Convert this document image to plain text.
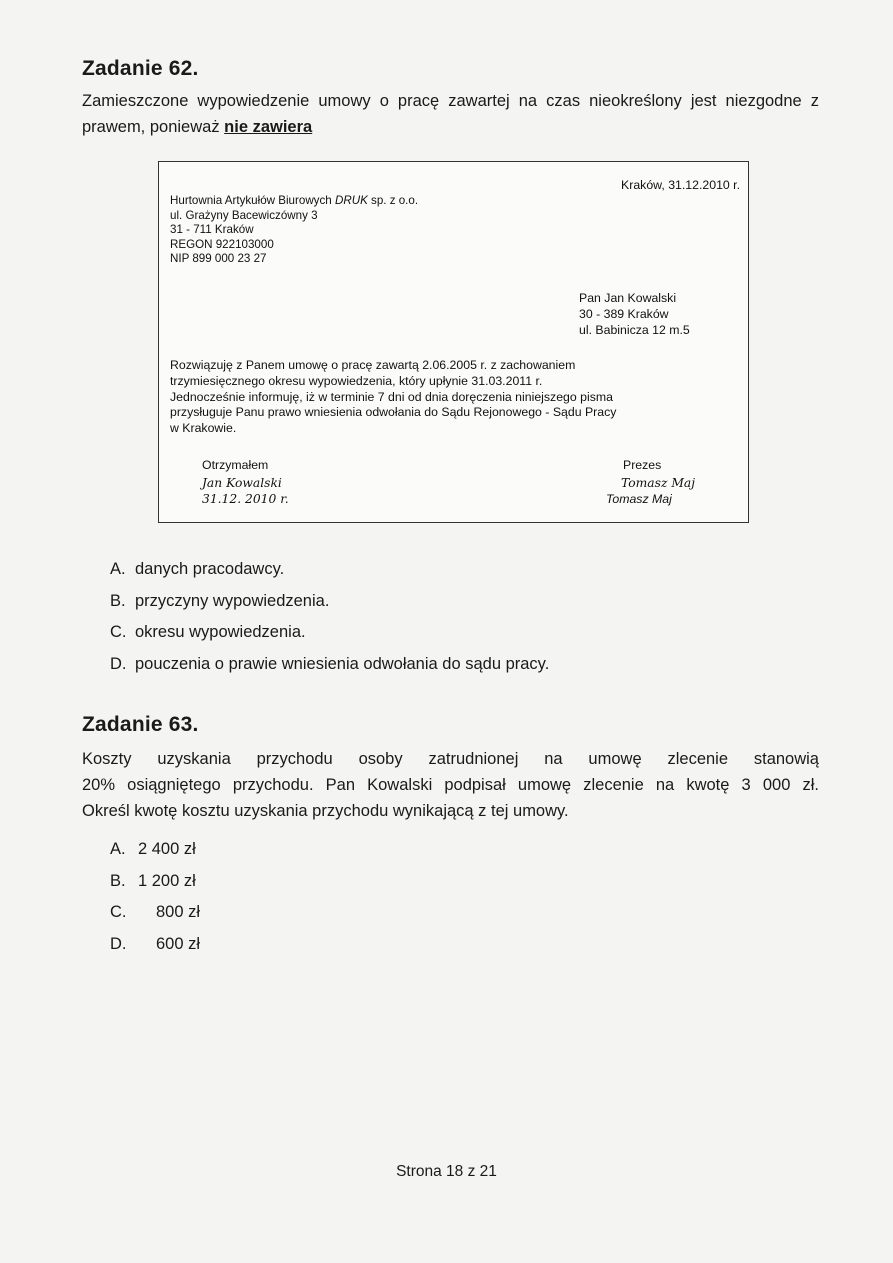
Zadanie 62.

Zamieszczone wypowiedzenie umowy o pracę zawartej na czas nieokreślony jest niezgodne z prawem, ponieważ nie zawiera

Kraków, 31.12.2010 r.
Hurtownia Artykułów Biurowych DRUK sp. z o.o.
ul. Grażyny Bacewiczówny 3
31 - 711 Kraków
REGON 922103000
NIP 899 000 23 27
Pan Jan Kowalski
30 - 389 Kraków
ul. Babinicza 12 m.5
Rozwiązuję z Panem umowę o pracę zawartą 2.06.2005 r. z zachowaniem
trzymiesięcznego okresu wypowiedzenia, który upłynie 31.03.2011 r.
Jednocześnie informuję, iż w terminie 7 dni od dnia doręczenia niniejszego pisma
przysługuje Panu prawo wniesienia odwołania do Sądu Rejonowego - Sądu Pracy
w Krakowie.
Otrzymałem
Jan Kowalski
31.12. 2010 r.
Prezes
Tomasz Maj
Tomasz Maj
A. danych pracodawcy.
B. przyczyny wypowiedzenia.
C. okresu wypowiedzenia.
D. pouczenia o prawie wniesienia odwołania do sądu pracy.
Zadanie 63.
Koszty uzyskania przychodu osoby zatrudnionej na umowę zlecenie stanowią
20% osiągniętego przychodu. Pan Kowalski podpisał umowę zlecenie na kwotę 3 000 zł.
Określ kwotę kosztu uzyskania przychodu wynikającą z tej umowy.
A. 2 400 zł
B. 1 200 zł
C. 800 zł
D. 600 zł
Strona 18 z 21
